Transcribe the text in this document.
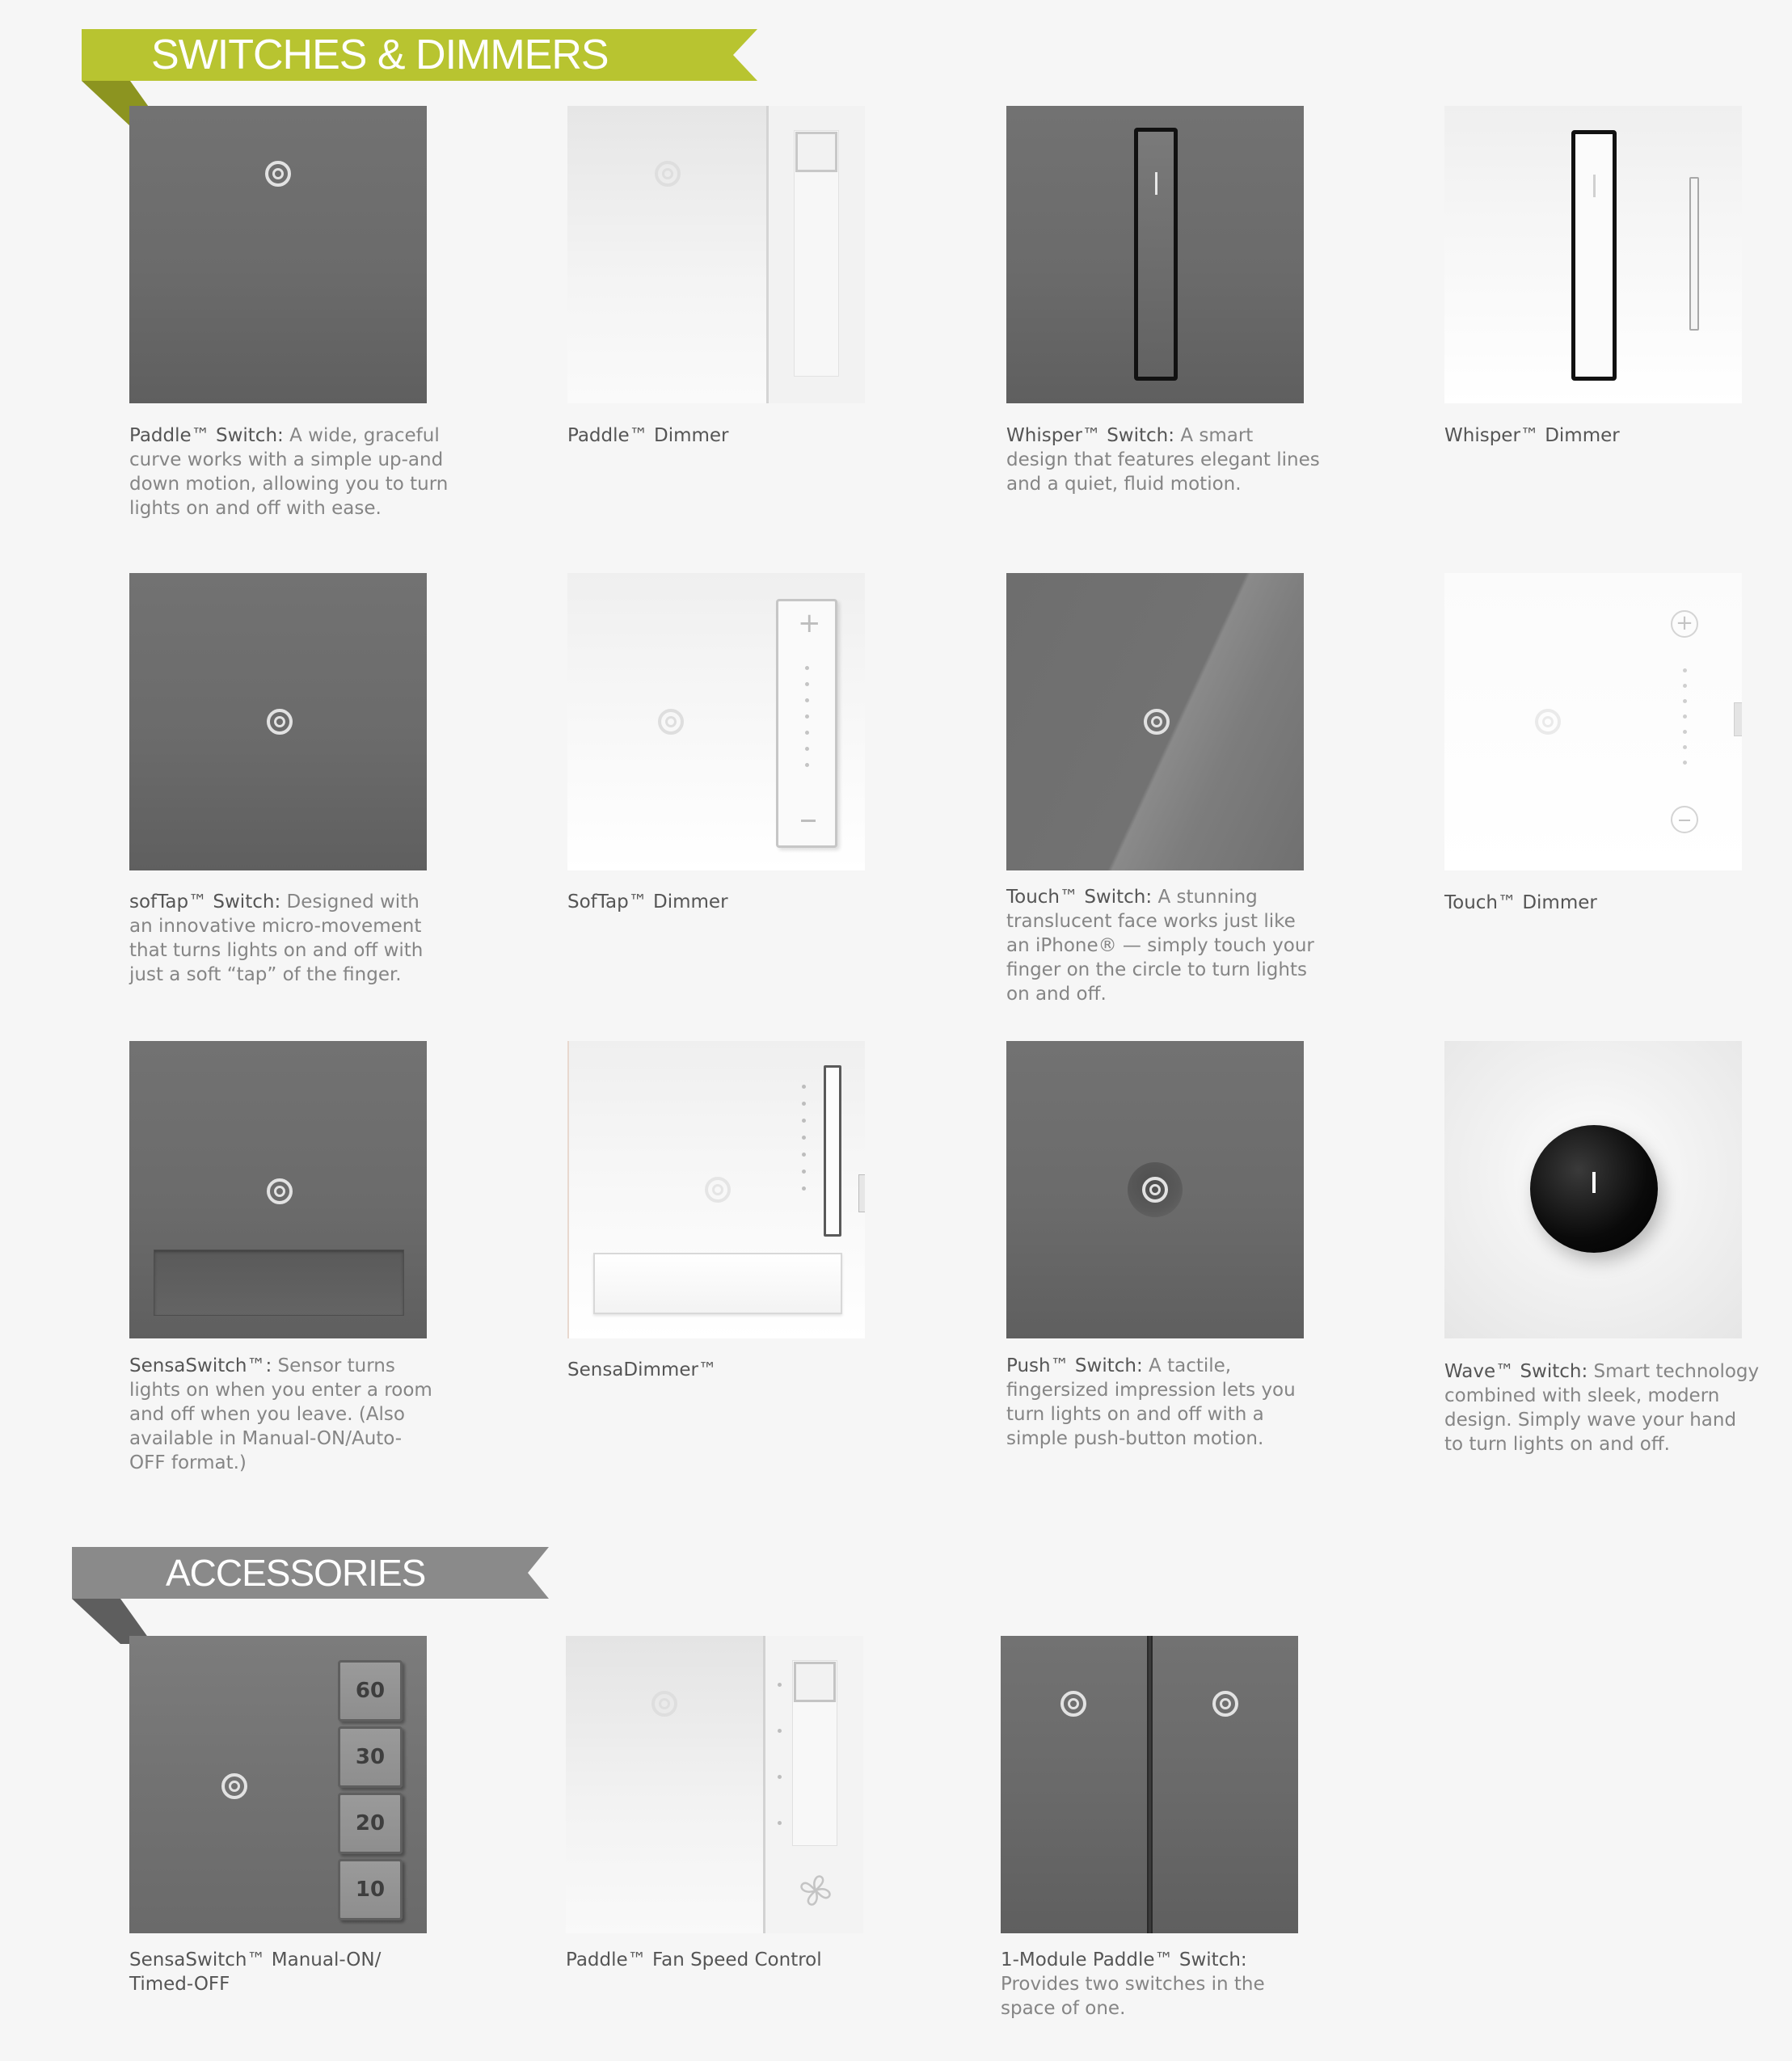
SWITCHES & DIMMERS
Paddle™ Switch: A wide, graceful
curve works with a simple up-and
down motion, allowing you to turn
lights on and off with ease.
Paddle™ Dimmer	Whisper™ Switch: A smart
design that features elegant lines
and a quiet, fluid motion.
Whisper™ Dimmer
sofTap™ Switch: Designed with
an innovative micro-movement
that turns lights on and off with
just a soft “tap” of the finger.
+
SofTap™ Dimmer	Touch™ Switch: A stunning
translucent face works just like
an iPhone® — simply touch your
finger on the circle to turn lights
on and off.
+
Touch™ Dimmer
SensaSwitch™: Sensor turns
lights on when you enter a room
and off when you leave. (Also
available in Manual-ON/Auto-
OFF format.)
SensaDimmer™	Push™ Switch: A tactile,
fingersized impression lets you
turn lights on and off with a
simple push-button motion.
Wave™ Switch: Smart technology
combined with sleek, modern
design. Simply wave your hand
to turn lights on and off.
ACCESSORIES
60
30
20
10
SensaSwitch™ Manual-ON/
Timed-OFF
Paddle™ Fan Speed Control	1-Module Paddle™ Switch:
Provides two switches in the
space of one.
